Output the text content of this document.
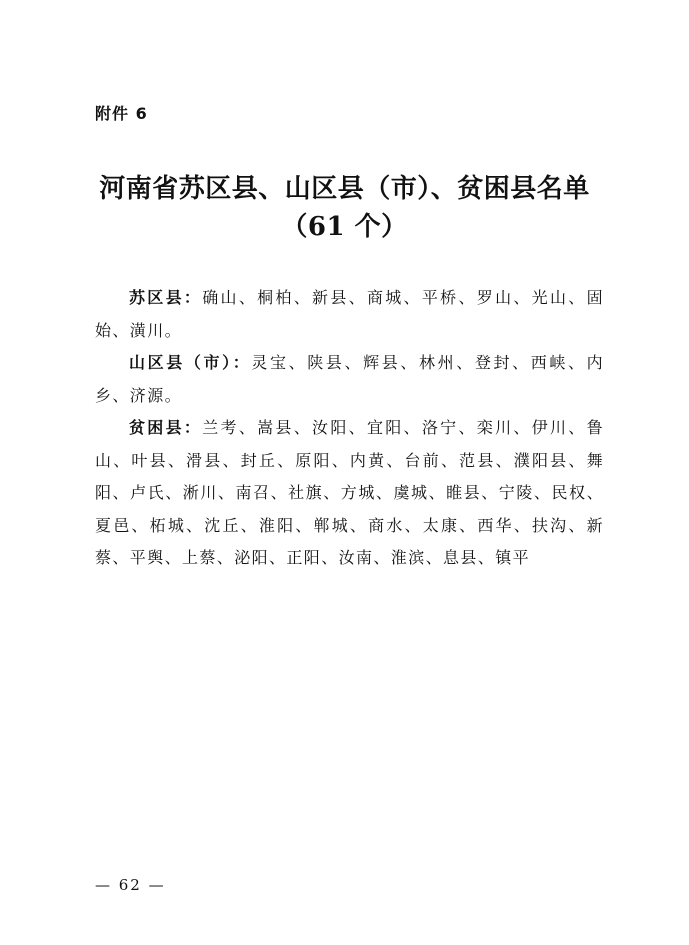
附件 6
河南省苏区县、山区县（市）、贫困县名单
（61 个）

苏区县：确山、桐柏、新县、商城、平桥、罗山、光山、固始、潢川。

山区县（市）：灵宝、陕县、辉县、林州、登封、西峡、内乡、济源。

贫困县：兰考、嵩县、汝阳、宜阳、洛宁、栾川、伊川、鲁山、叶县、滑县、封丘、原阳、内黄、台前、范县、濮阳县、舞阳、卢氏、淅川、南召、社旗、方城、虞城、睢县、宁陵、民权、夏邑、柘城、沈丘、淮阳、郸城、商水、太康、西华、扶沟、新蔡、平舆、上蔡、泌阳、正阳、汝南、淮滨、息县、镇平

— 62 —
